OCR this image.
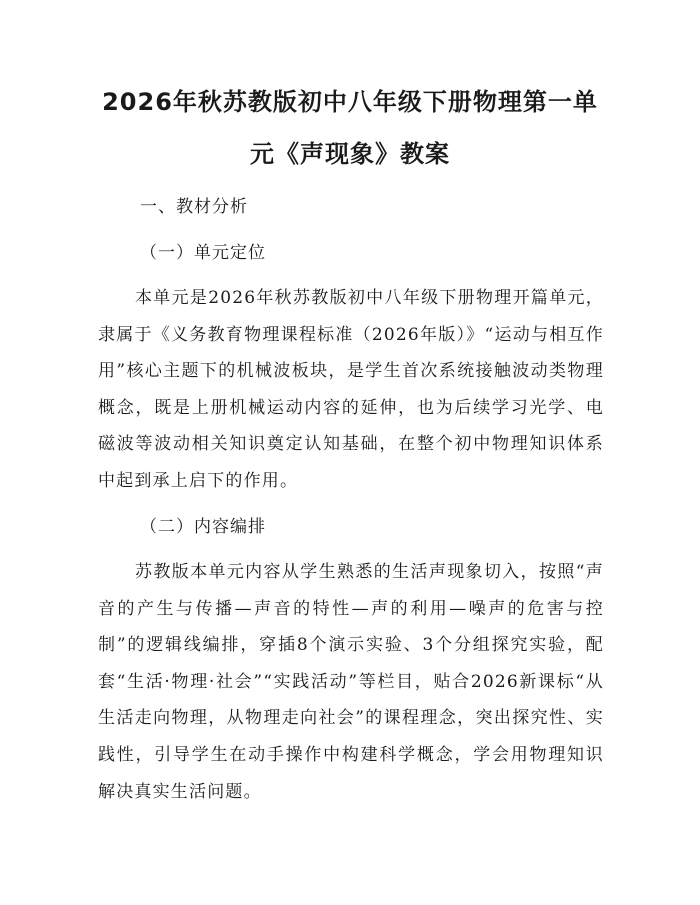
2026年秋苏教版初中八年级下册物理第一单元《声现象》教案

一、教材分析

（一）单元定位

本单元是2026年秋苏教版初中八年级下册物理开篇单元，隶属于《义务教育物理课程标准（2026年版）》“运动与相互作用”核心主题下的机械波板块，是学生首次系统接触波动类物理概念，既是上册机械运动内容的延伸，也为后续学习光学、电磁波等波动相关知识奠定认知基础，在整个初中物理知识体系中起到承上启下的作用。

（二）内容编排

苏教版本单元内容从学生熟悉的生活声现象切入，按照“声音的产生与传播—声音的特性—声的利用—噪声的危害与控制”的逻辑线编排，穿插8个演示实验、3个分组探究实验，配套“生活·物理·社会”“实践活动”等栏目，贴合2026新课标“从生活走向物理，从物理走向社会”的课程理念，突出探究性、实践性，引导学生在动手操作中构建科学概念，学会用物理知识解决真实生活问题。
